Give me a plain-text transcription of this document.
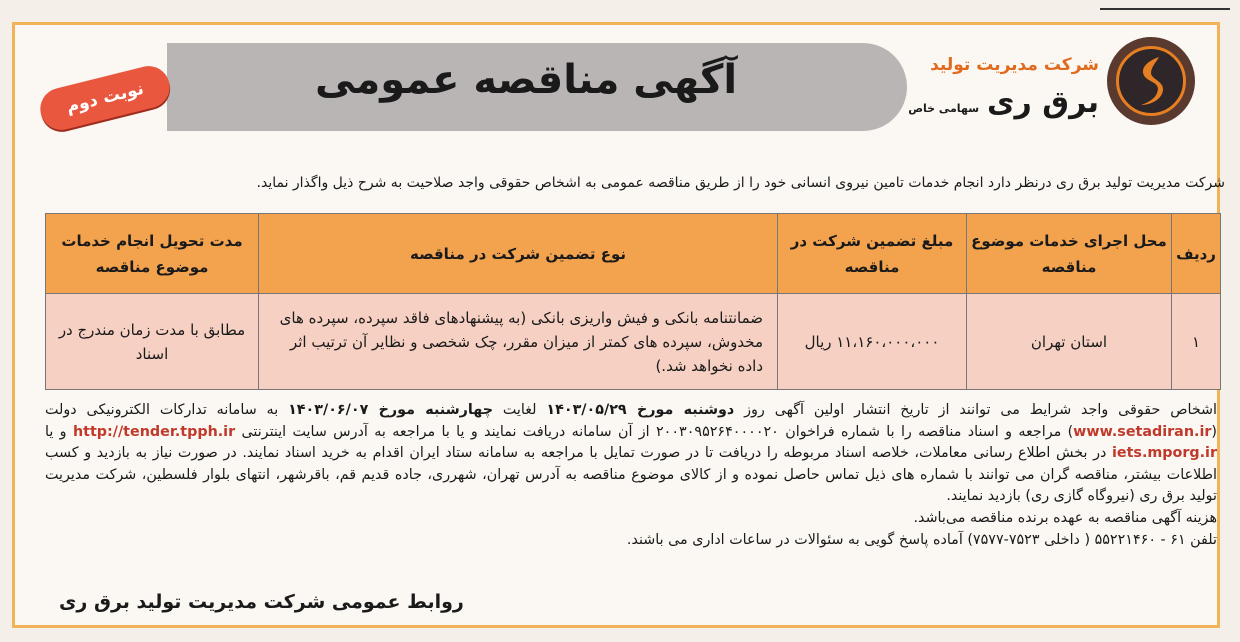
شرکت مدیریت تولید
برق ری
سهامی خاص
آگهی مناقصه عمومی
نوبت دوم
شرکت مدیریت تولید برق ری درنظر دارد انجام خدمات تامین نیروی انسانی خود را از طریق مناقصه عمومی به اشخاص حقوقی واجد صلاحیت به شرح ذیل واگذار نماید.
ردیف	محل اجرای خدمات موضوع مناقصه	مبلغ تضمین شرکت در مناقصه	نوع تضمین شرکت در مناقصه	مدت تحویل انجام خدمات موضوع مناقصه
۱	استان تهران	۱۱،۱۶۰،۰۰۰،۰۰۰ ریال	ضمانتنامه بانکی و فیش واریزی بانکی (به پیشنهادهای فاقد سپرده، سپرده های مخدوش، سپرده های کمتر از میزان مقرر، چک شخصی و نظایر آن ترتیب اثر داده نخواهد شد.)	مطابق با مدت زمان مندرج در اسناد
اشخاص حقوقی واجد شرایط می توانند از تاریخ انتشار اولین آگهی روز دوشنبه مورخ ۱۴۰۳/۰۵/۲۹ لغایت چهارشنبه مورخ ۱۴۰۳/۰۶/۰۷ به سامانه تدارکات الکترونیکی دولت (www.setadiran.ir) مراجعه و اسناد مناقصه را با شماره فراخوان ۲۰۰۳۰۹۵۲۶۴۰۰۰۰۲۰ از آن سامانه دریافت نمایند و یا با مراجعه به آدرس سایت اینترنتی http://tender.tpph.ir و یا iets.mporg.ir در بخش اطلاع رسانی معاملات، خلاصه اسناد مربوطه را دریافت تا در صورت تمایل با مراجعه به سامانه ستاد ایران اقدام به خرید اسناد نمایند. در صورت نیاز به بازدید و کسب اطلاعات بیشتر، مناقصه گران می توانند با شماره های ذیل تماس حاصل نموده و از کالای موضوع مناقصه به آدرس تهران، شهرری، جاده قدیم قم، باقرشهر، انتهای بلوار فلسطین، شرکت مدیریت تولید برق ری (نیروگاه گازی ری) بازدید نمایند.
هزینه آگهی مناقصه به عهده برنده مناقصه می‌باشد.
تلفن ۶۱ - ۵۵۲۲۱۴۶۰ ( داخلی ۷۵۲۳-۷۵۷۷) آماده پاسخ گویی به سئوالات در ساعات اداری می باشند.
روابط عمومی شرکت مدیریت تولید برق ری
